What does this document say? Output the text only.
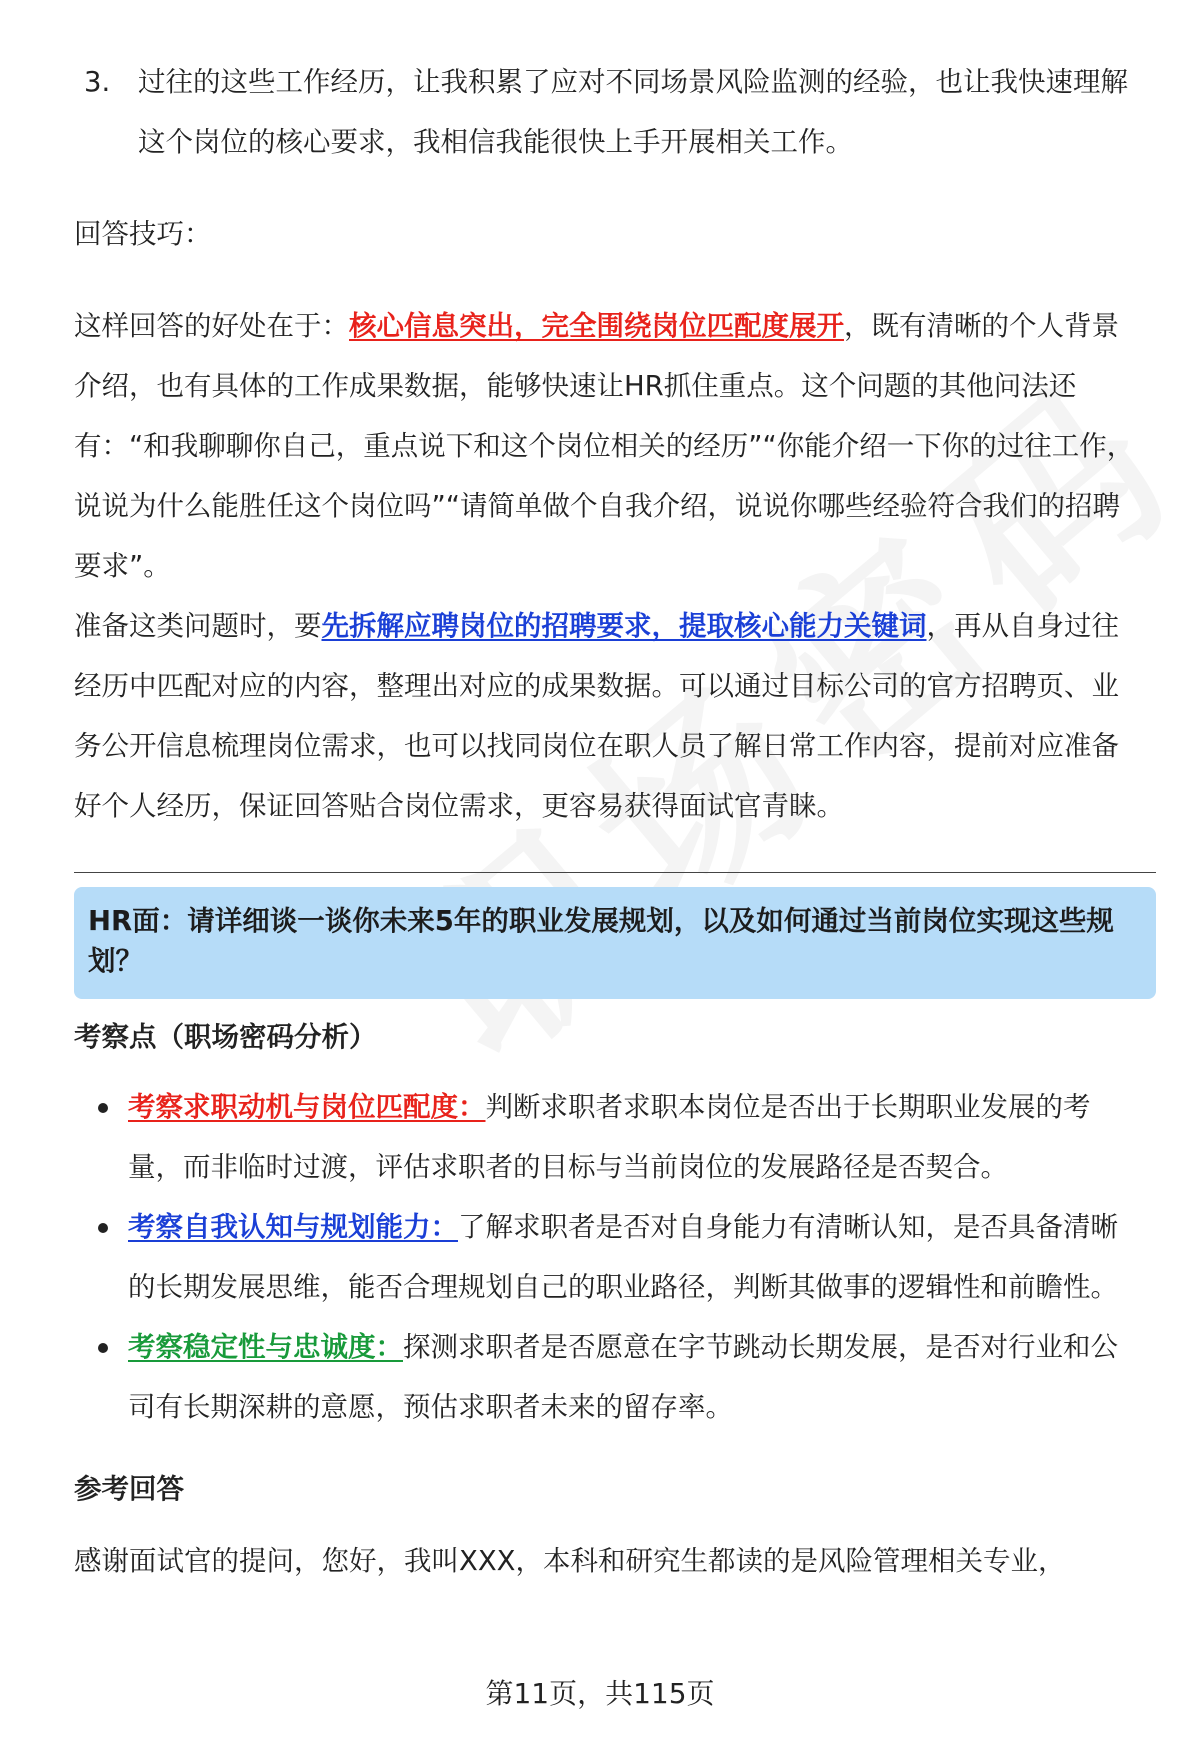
3. 过往的这些工作经历，让我积累了应对不同场景风险监测的经验，也让我快速理解这个岗位的核心要求，我相信我能很快上手开展相关工作。

回答技巧：

这样回答的好处在于：核心信息突出，完全围绕岗位匹配度展开，既有清晰的个人背景介绍，也有具体的工作成果数据，能够快速让HR抓住重点。这个问题的其他问法还有：“和我聊聊你自己，重点说下和这个岗位相关的经历”“你能介绍一下你的过往工作，说说为什么能胜任这个岗位吗”“请简单做个自我介绍，说说你哪些经验符合我们的招聘要求”。

准备这类问题时，要先拆解应聘岗位的招聘要求，提取核心能力关键词，再从自身过往经历中匹配对应的内容，整理出对应的成果数据。可以通过目标公司的官方招聘页、业务公开信息梳理岗位需求，也可以找同岗位在职人员了解日常工作内容，提前对应准备好个人经历，保证回答贴合岗位需求，更容易获得面试官青睐。

HR面：请详细谈一谈你未来5年的职业发展规划，以及如何通过当前岗位实现这些规划？

考察点（职场密码分析）

考察求职动机与岗位匹配度：判断求职者求职本岗位是否出于长期职业发展的考量，而非临时过渡，评估求职者的目标与当前岗位的发展路径是否契合。
考察自我认知与规划能力：了解求职者是否对自身能力有清晰认知，是否具备清晰的长期发展思维，能否合理规划自己的职业路径，判断其做事的逻辑性和前瞻性。
考察稳定性与忠诚度：探测求职者是否愿意在字节跳动长期发展，是否对行业和公司有长期深耕的意愿，预估求职者未来的留存率。

参考回答

感谢面试官的提问，您好，我叫XXX，本科和研究生都读的是风险管理相关专业，

第11页，共115页
